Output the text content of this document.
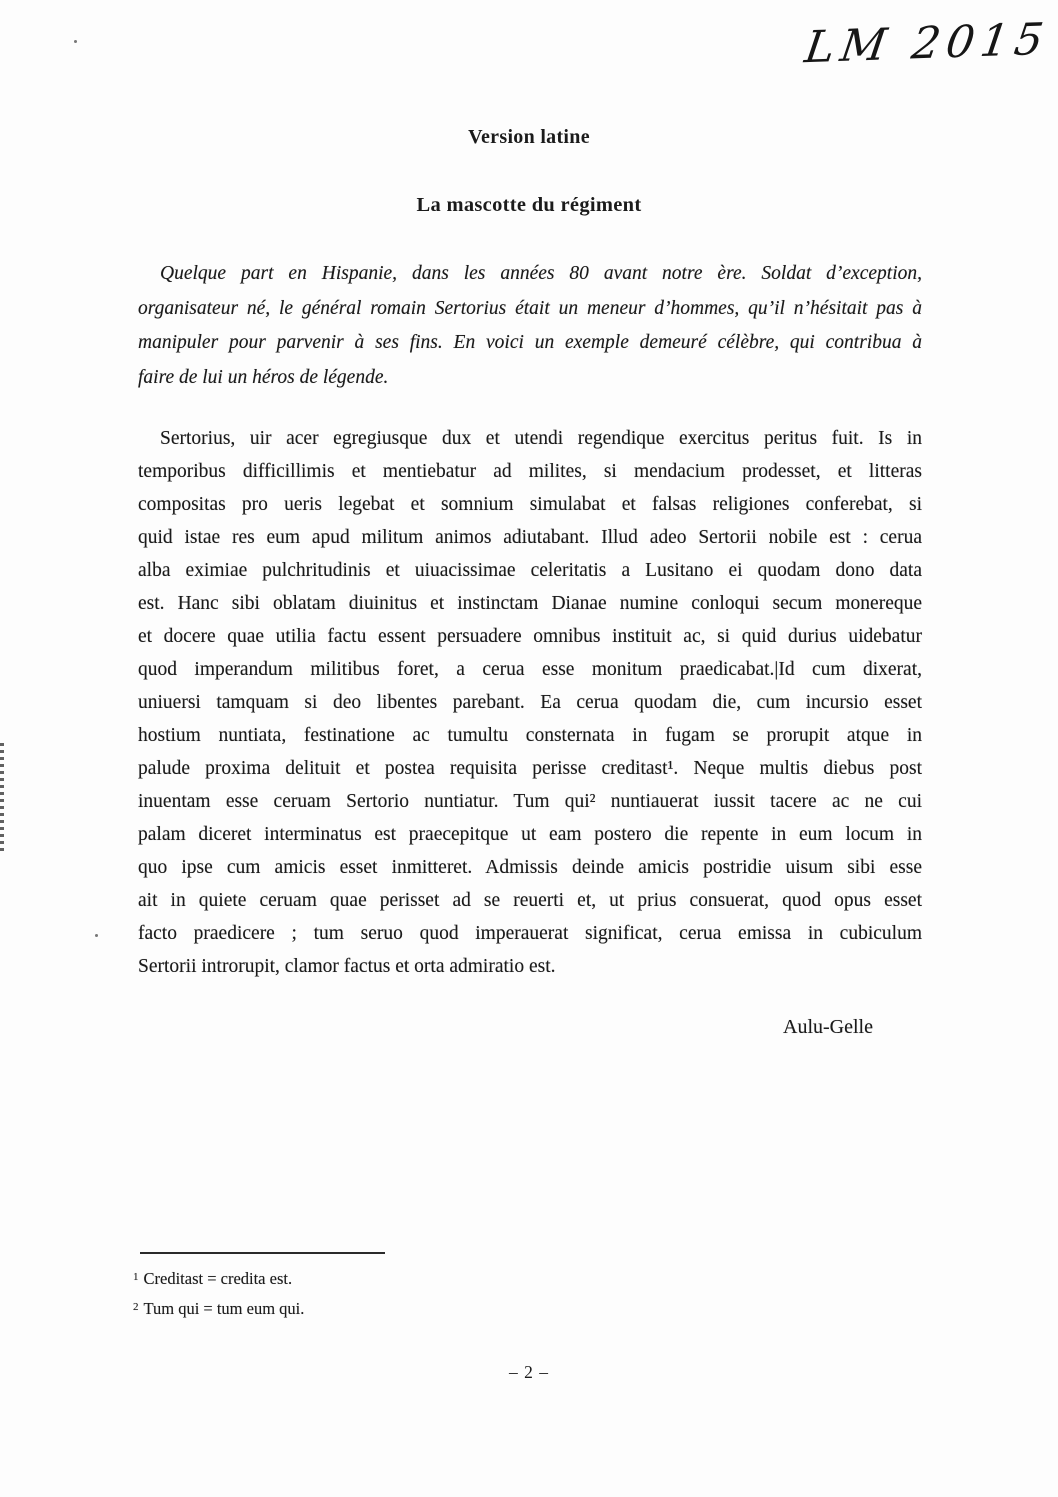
LM 2015
Version latine
La mascotte du régiment
Quelque part en Hispanie, dans les années 80 avant notre ère. Soldat d’exception,
organisateur né, le général romain Sertorius était un meneur d’hommes, qu’il n’hésitait pas à
manipuler pour parvenir à ses fins. En voici un exemple demeuré célèbre, qui contribua à
faire de lui un héros de légende.
Sertorius, uir acer egregiusque dux et utendi regendique exercitus peritus fuit. Is in
temporibus difficillimis et mentiebatur ad milites, si mendacium prodesset, et litteras
compositas pro ueris legebat et somnium simulabat et falsas religiones conferebat, si
quid istae res eum apud militum animos adiutabant. Illud adeo Sertorii nobile est : cerua
alba eximiae pulchritudinis et uiuacissimae celeritatis a Lusitano ei quodam dono data
est. Hanc sibi oblatam diuinitus et instinctam Dianae numine conloqui secum monereque
et docere quae utilia factu essent persuadere omnibus instituit ac, si quid durius uidebatur
quod imperandum militibus foret, a cerua esse monitum praedicabat.|Id cum dixerat,
uniuersi tamquam si deo libentes parebant. Ea cerua quodam die, cum incursio esset
hostium nuntiata, festinatione ac tumultu consternata in fugam se prorupit atque in
palude proxima delituit et postea requisita perisse creditast¹. Neque multis diebus post
inuentam esse ceruam Sertorio nuntiatur. Tum qui² nuntiauerat iussit tacere ac ne cui
palam diceret interminatus est praecepitque ut eam postero die repente in eum locum in
quo ipse cum amicis esset inmitteret. Admissis deinde amicis postridie uisum sibi esse
ait in quiete ceruam quae perisset ad se reuerti et, ut prius consuerat, quod opus esset
facto praedicere ; tum seruo quod imperauerat significat, cerua emissa in cubiculum
Sertorii introrupit, clamor factus et orta admiratio est.
Aulu-Gelle
$^1$ Creditast = credita est.
$^2$ Tum qui = tum eum qui.
– 2 –
